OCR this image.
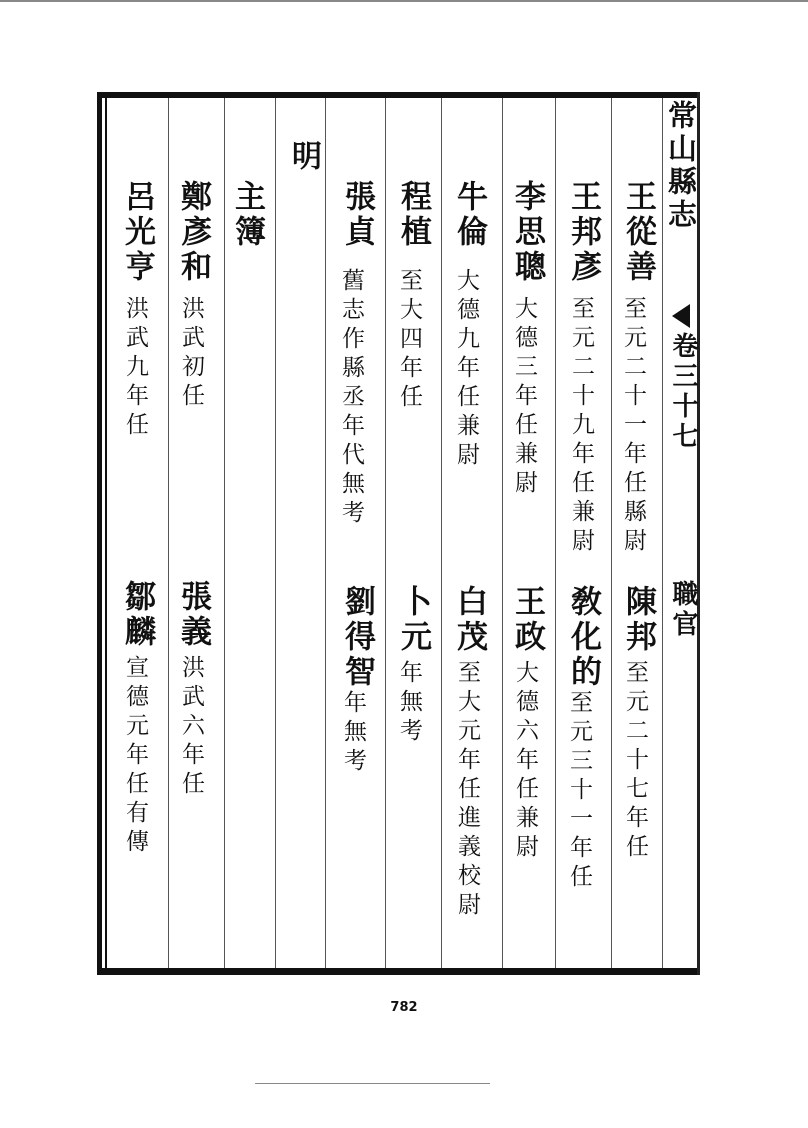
常山縣志
卷三十七
職官
王從善
至元二十一年任縣尉
王邦彥
至元二十九年任兼尉
李思聰
大德三年任兼尉
牛倫
大德九年任兼尉
程植
至大四年任
張貞
舊志作縣丞年代無考
陳邦
至元二十七年任
敎化的
至元三十一年任
王政
大德六年任兼尉
白茂
至大元年任進義校尉
卜元
年無考
劉得智
年無考
明
主簿
鄭彥和
洪武初任
呂光亨
洪武九年任
張義
洪武六年任
鄒麟
宣德元年任有傳
782
